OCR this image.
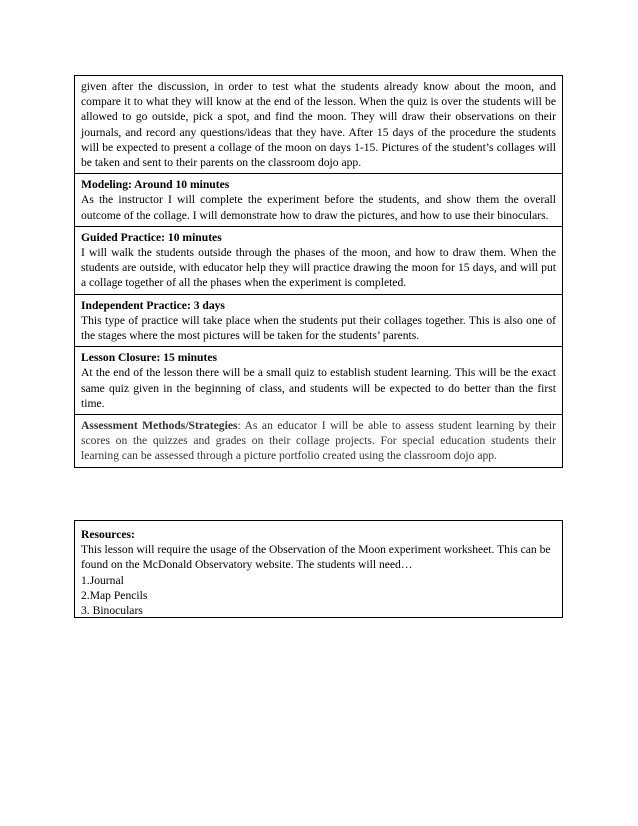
given after the discussion, in order to test what the students already know about the moon, and compare it to what they will know at the end of the lesson. When the quiz is over the students will be allowed to go outside, pick a spot, and find the moon. They will draw their observations on their journals, and record any questions/ideas that they have. After 15 days of the procedure the students will be expected to present a collage of the moon on days 1-15. Pictures of the student’s collages will be taken and sent to their parents on the classroom dojo app.
Modeling: Around 10 minutes
As the instructor I will complete the experiment before the students, and show them the overall outcome of the collage. I will demonstrate how to draw the pictures, and how to use their binoculars.
Guided Practice: 10 minutes
I will walk the students outside through the phases of the moon, and how to draw them. When the students are outside, with educator help they will practice drawing the moon for 15 days, and will put a collage together of all the phases when the experiment is completed.
Independent Practice: 3 days
This type of practice will take place when the students put their collages together. This is also one of the stages where the most pictures will be taken for the students’ parents.
Lesson Closure: 15 minutes
At the end of the lesson there will be a small quiz to establish student learning. This will be the exact same quiz given in the beginning of class, and students will be expected to do better than the first time.
Assessment Methods/Strategies: As an educator I will be able to assess student learning by their scores on the quizzes and grades on their collage projects. For special education students their learning can be assessed through a picture portfolio created using the classroom dojo app.
Resources:
This lesson will require the usage of the Observation of the Moon experiment worksheet. This can be found on the McDonald Observatory website. The students will need…
1.Journal
2.Map Pencils
3. Binoculars
